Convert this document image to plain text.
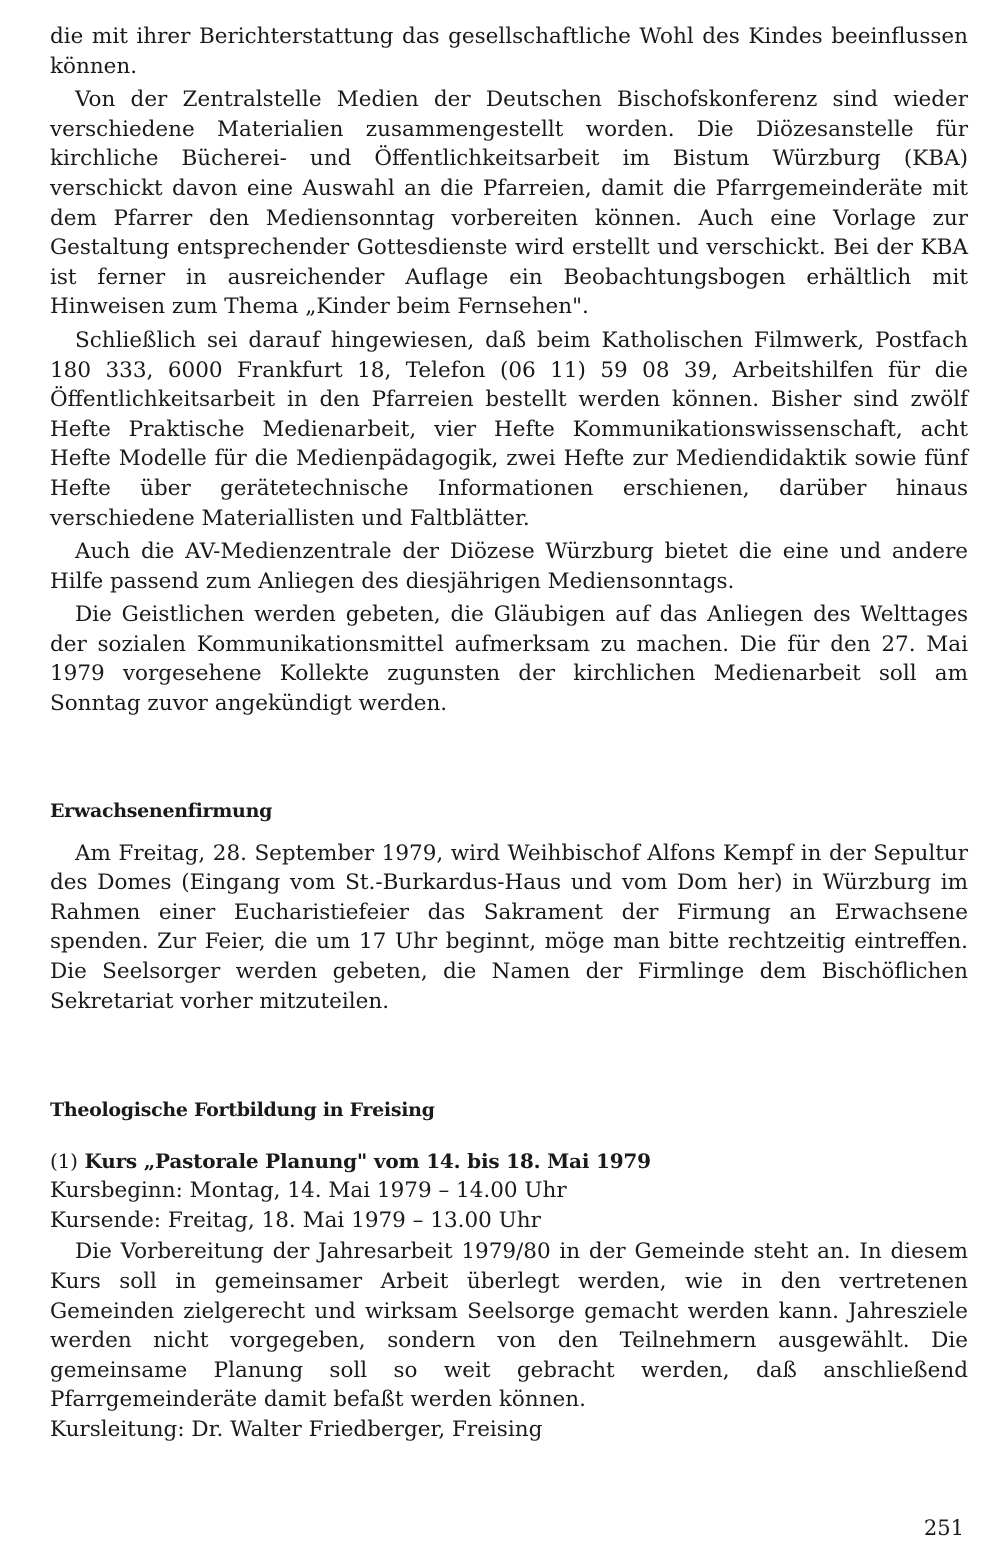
die mit ihrer Berichterstattung das gesellschaftliche Wohl des Kindes beeinflussen können.

Von der Zentralstelle Medien der Deutschen Bischofskonferenz sind wieder verschiedene Materialien zusammengestellt worden. Die Diözesanstelle für kirchliche Bücherei- und Öffentlichkeitsarbeit im Bistum Würzburg (KBA) verschickt davon eine Auswahl an die Pfarreien, damit die Pfarrgemeinderäte mit dem Pfarrer den Mediensonntag vorbereiten können. Auch eine Vorlage zur Gestaltung entsprechender Gottesdienste wird erstellt und verschickt. Bei der KBA ist ferner in ausreichender Auflage ein Beobachtungsbogen erhältlich mit Hinweisen zum Thema „Kinder beim Fernsehen".

Schließlich sei darauf hingewiesen, daß beim Katholischen Filmwerk, Postfach 180 333, 6000 Frankfurt 18, Telefon (06 11) 59 08 39, Arbeitshilfen für die Öffentlichkeitsarbeit in den Pfarreien bestellt werden können. Bisher sind zwölf Hefte Praktische Medienarbeit, vier Hefte Kommunikationswissenschaft, acht Hefte Modelle für die Medienpädagogik, zwei Hefte zur Mediendidaktik sowie fünf Hefte über gerätetechnische Informationen erschienen, darüber hinaus verschiedene Materiallisten und Faltblätter.

Auch die AV-Medienzentrale der Diözese Würzburg bietet die eine und andere Hilfe passend zum Anliegen des diesjährigen Mediensonntags.

Die Geistlichen werden gebeten, die Gläubigen auf das Anliegen des Welttages der sozialen Kommunikationsmittel aufmerksam zu machen. Die für den 27. Mai 1979 vorgesehene Kollekte zugunsten der kirchlichen Medienarbeit soll am Sonntag zuvor angekündigt werden.

Erwachsenenfirmung

Am Freitag, 28. September 1979, wird Weihbischof Alfons Kempf in der Sepultur des Domes (Eingang vom St.-Burkardus-Haus und vom Dom her) in Würzburg im Rahmen einer Eucharistiefeier das Sakrament der Firmung an Erwachsene spenden. Zur Feier, die um 17 Uhr beginnt, möge man bitte rechtzeitig eintreffen. Die Seelsorger werden gebeten, die Namen der Firmlinge dem Bischöflichen Sekretariat vorher mitzuteilen.

Theologische Fortbildung in Freising
(1) Kurs „Pastorale Planung" vom 14. bis 18. Mai 1979
Kursbeginn: Montag, 14. Mai 1979 – 14.00 Uhr
Kursende: Freitag, 18. Mai 1979 – 13.00 Uhr

Die Vorbereitung der Jahresarbeit 1979/80 in der Gemeinde steht an. In diesem Kurs soll in gemeinsamer Arbeit überlegt werden, wie in den vertretenen Gemeinden zielgerecht und wirksam Seelsorge gemacht werden kann. Jahresziele werden nicht vorgegeben, sondern von den Teilnehmern ausgewählt. Die gemeinsame Planung soll so weit gebracht werden, daß anschließend Pfarrgemeinderäte damit befaßt werden können.

Kursleitung: Dr. Walter Friedberger, Freising
251
